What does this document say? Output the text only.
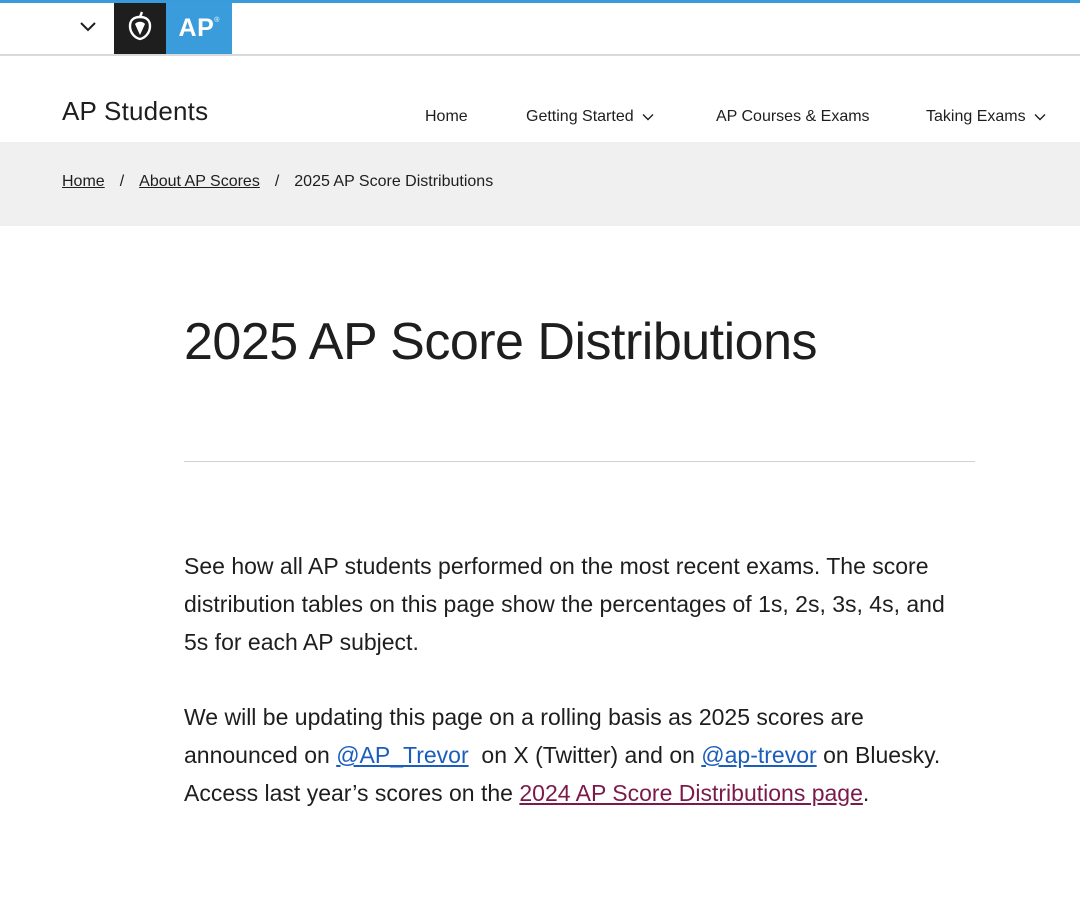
AP ®
AP Students	Home	Getting Started	AP Courses & Exams	Taking Exams
Home / About AP Scores / 2025 AP Score Distributions
2025 AP Score Distributions

See how all AP students performed on the most recent exams. The score distribution tables on this page show the percentages of 1s, 2s, 3s, 4s, and 5s for each AP subject.

We will be updating this page on a rolling basis as 2025 scores are announced on @AP_Trevor  on X (Twitter) and on @ap-trevor on Bluesky. Access last year’s scores on the 2024 AP Score Distributions page.
